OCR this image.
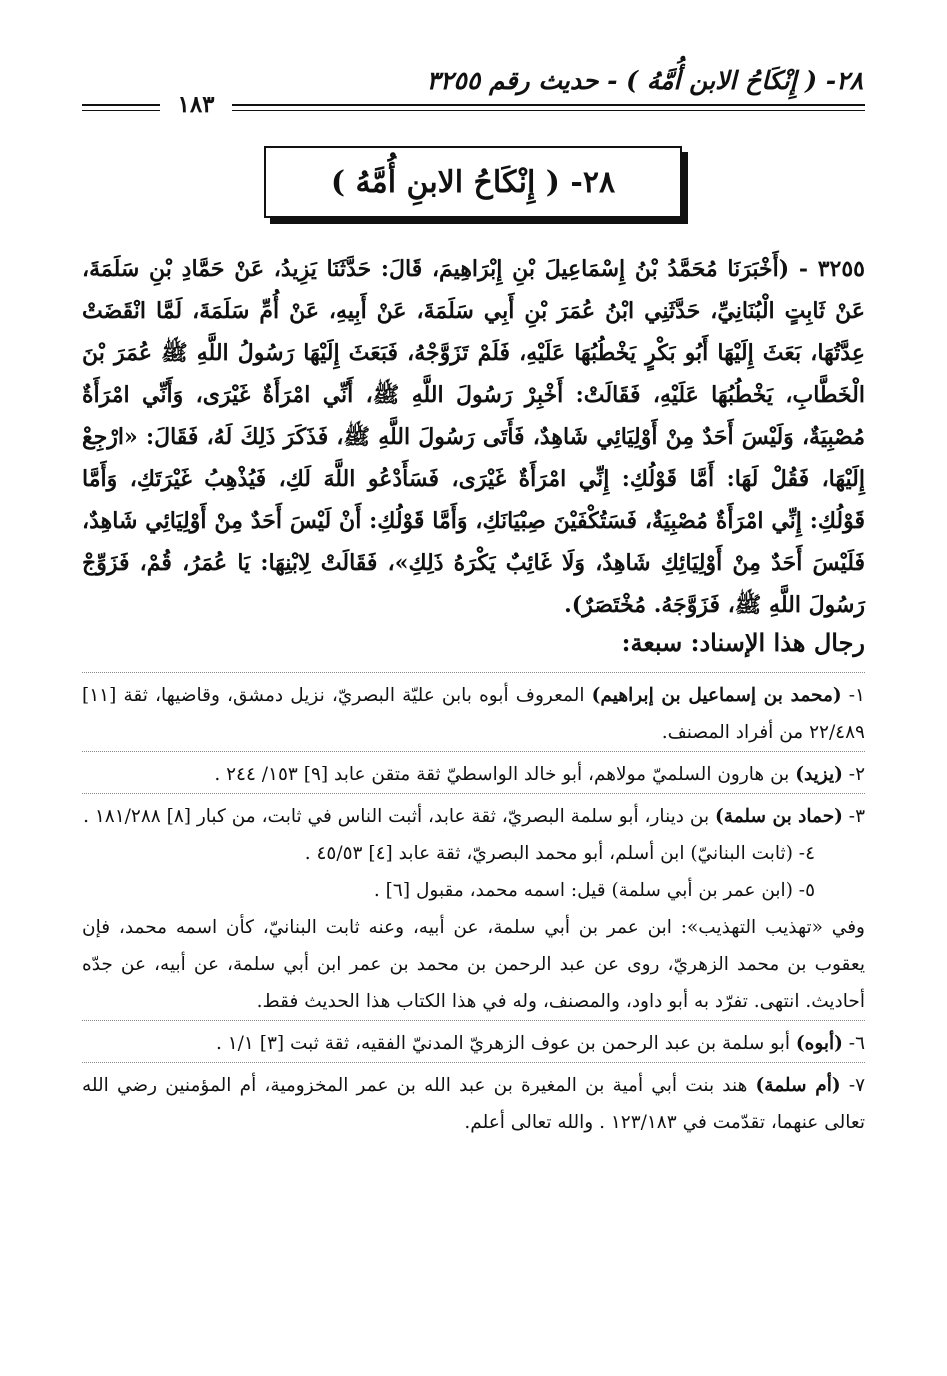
٢٨- ( إِنْكَاحُ الابن أُمَّهُ ) - حديث رقم ٣٢٥٥
١٨٣
٢٨- ( إِنْكَاحُ الابنِ أُمَّهُ )

٣٢٥٥ - (أَخْبَرَنَا مُحَمَّدُ بْنُ إِسْمَاعِيلَ بْنِ إِبْرَاهِيمَ، قَالَ: حَدَّثَنَا يَزِيدُ، عَنْ حَمَّادِ بْنِ سَلَمَةَ، عَنْ ثَابِتٍ الْبُنَانِيِّ، حَدَّثَنِي ابْنُ عُمَرَ بْنِ أَبِي سَلَمَةَ، عَنْ أَبِيهِ، عَنْ أُمِّ سَلَمَةَ، لَمَّا انْقَضَتْ عِدَّتُهَا، بَعَثَ إِلَيْهَا أَبُو بَكْرٍ يَخْطُبُهَا عَلَيْهِ، فَلَمْ تَزَوَّجْهُ، فَبَعَثَ إِلَيْهَا رَسُولُ اللَّهِ ﷺ عُمَرَ بْنَ الْخَطَّابِ، يَخْطُبُهَا عَلَيْهِ، فَقَالَتْ: أَخْبِرْ رَسُولَ اللَّهِ ﷺ، أَنِّي امْرَأَةٌ غَيْرَى، وَأَنِّي امْرَأَةٌ مُصْبِيَةٌ، وَلَيْسَ أَحَدٌ مِنْ أَوْلِيَائِي شَاهِدٌ، فَأَتَى رَسُولَ اللَّهِ ﷺ، فَذَكَرَ ذَلِكَ لَهُ، فَقَالَ: «ارْجِعْ إِلَيْهَا، فَقُلْ لَهَا: أَمَّا قَوْلُكِ: إِنِّي امْرَأَةٌ غَيْرَى، فَسَأَدْعُو اللَّهَ لَكِ، فَيُذْهِبُ غَيْرَتَكِ، وَأَمَّا قَوْلُكِ: إِنِّي امْرَأَةٌ مُصْبِيَةٌ، فَسَتُكْفَيْنَ صِبْيَانَكِ، وَأَمَّا قَوْلُكِ: أَنْ لَيْسَ أَحَدٌ مِنْ أَوْلِيَائِي شَاهِدٌ، فَلَيْسَ أَحَدٌ مِنْ أَوْلِيَائِكِ شَاهِدٌ، وَلَا غَائِبٌ يَكْرَهُ ذَلِكِ»، فَقَالَتْ لِابْنِهَا: يَا عُمَرُ، قُمْ، فَزَوِّجْ رَسُولَ اللَّهِ ﷺ، فَزَوَّجَهُ. مُخْتَصَرٌ).

رجال هذا الإسناد: سبعة:

١- (محمد بن إسماعيل بن إبراهيم) المعروف أبوه بابن عليّة البصريّ، نزيل دمشق، وقاضيها، ثقة [١١] ٢٢/٤٨٩ من أفراد المصنف.

٢- (يزيد) بن هارون السلميّ مولاهم، أبو خالد الواسطيّ ثقة متقن عابد [٩] ١٥٣/ ٢٤٤ .

٣- (حماد بن سلمة) بن دينار، أبو سلمة البصريّ، ثقة عابد، أثبت الناس في ثابت، من كبار [٨] ١٨١/٢٨٨ .

٤- (ثابت البنانيّ) ابن أسلم، أبو محمد البصريّ، ثقة عابد [٤] ٤٥/٥٣ .

٥- (ابن عمر بن أبي سلمة) قيل: اسمه محمد، مقبول [٦] .

وفي «تهذيب التهذيب»: ابن عمر بن أبي سلمة، عن أبيه، وعنه ثابت البنانيّ، كأن اسمه محمد، فإن يعقوب بن محمد الزهريّ، روى عن عبد الرحمن بن محمد بن عمر ابن أبي سلمة، عن أبيه، عن جدّه أحاديث. انتهى. تفرّد به أبو داود، والمصنف، وله في هذا الكتاب هذا الحديث فقط.

٦- (أبوه) أبو سلمة بن عبد الرحمن بن عوف الزهريّ المدنيّ الفقيه، ثقة ثبت [٣] ١/١ .

٧- (أم سلمة) هند بنت أبي أمية بن المغيرة بن عبد الله بن عمر المخزومية، أم المؤمنين رضي الله تعالى عنهما، تقدّمت في ١٢٣/١٨٣ . والله تعالى أعلم.
